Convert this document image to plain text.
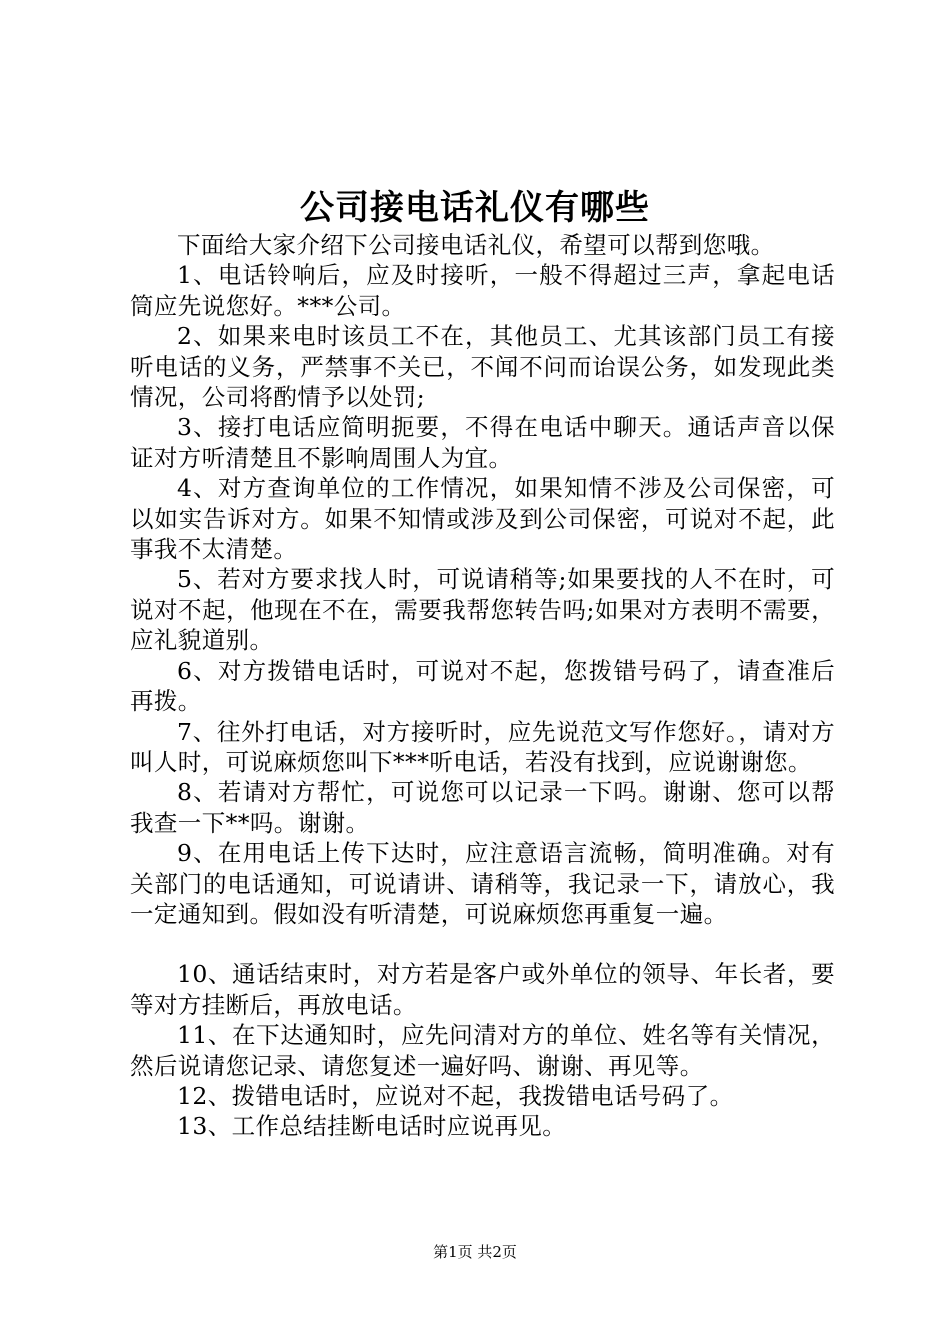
公司接电话礼仪有哪些

下面给大家介绍下公司接电话礼仪，希望可以帮到您哦。

1、电话铃响后，应及时接听，一般不得超过三声，拿起电话筒应先说您好。***公司。

2、如果来电时该员工不在，其他员工、尤其该部门员工有接听电话的义务，严禁事不关已，不闻不问而诒误公务，如发现此类情况，公司将酌情予以处罚;

3、接打电话应简明扼要，不得在电话中聊天。通话声音以保证对方听清楚且不影响周围人为宜。

4、对方查询单位的工作情况，如果知情不涉及公司保密，可以如实告诉对方。如果不知情或涉及到公司保密，可说对不起，此事我不太清楚。

5、若对方要求找人时，可说请稍等;如果要找的人不在时，可说对不起，他现在不在，需要我帮您转告吗;如果对方表明不需要，应礼貌道别。

6、对方拨错电话时，可说对不起，您拨错号码了，请查准后再拨。

7、往外打电话，对方接听时，应先说范文写作您好。，请对方叫人时，可说麻烦您叫下***听电话，若没有找到，应说谢谢您。

8、若请对方帮忙，可说您可以记录一下吗。谢谢、您可以帮我查一下**吗。谢谢。

9、在用电话上传下达时，应注意语言流畅，简明准确。对有关部门的电话通知，可说请讲、请稍等，我记录一下，请放心，我一定通知到。假如没有听清楚，可说麻烦您再重复一遍。

10、通话结束时，对方若是客户或外单位的领导、年长者，要等对方挂断后，再放电话。

11、在下达通知时，应先问清对方的单位、姓名等有关情况，然后说请您记录、请您复述一遍好吗、谢谢、再见等。

12、拨错电话时，应说对不起，我拨错电话号码了。

13、工作总结挂断电话时应说再见。

第1页 共2页
